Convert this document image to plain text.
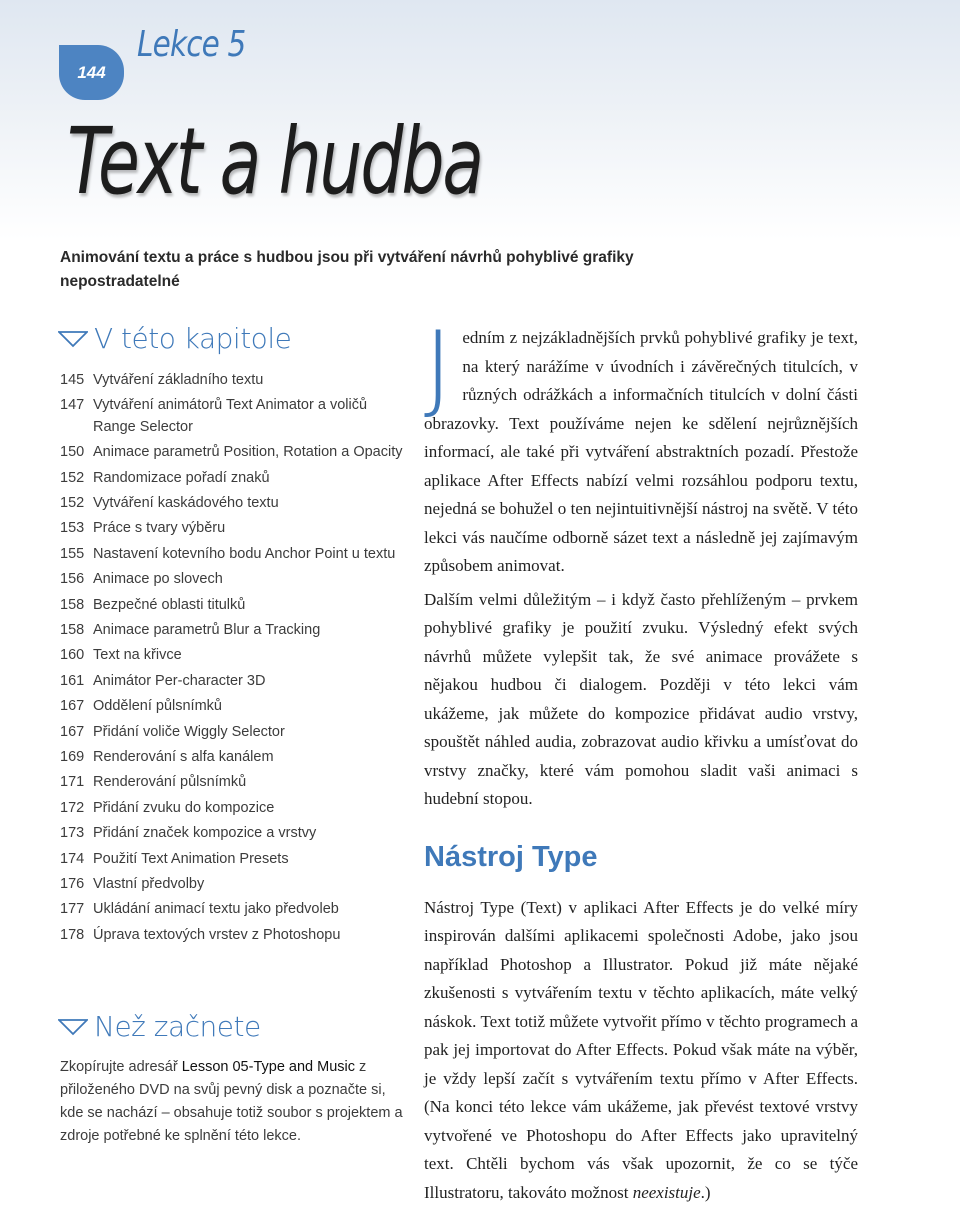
144
Lekce 5
Text a hudba
Animování textu a práce s hudbou jsou při vytváření návrhů pohyblivé grafiky nepostradatelné
V této kapitole
145 Vytváření základního textu
147 Vytváření animátorů Text Animator a voličů Range Selector
150 Animace parametrů Position, Rotation a Opacity
152 Randomizace pořadí znaků
152 Vytváření kaskádového textu
153 Práce s tvary výběru
155 Nastavení kotevního bodu Anchor Point u textu
156 Animace po slovech
158 Bezpečné oblasti titulků
158 Animace parametrů Blur a Tracking
160 Text na křivce
161 Animátor Per-character 3D
167 Oddělení půlsnímků
167 Přidání voliče Wiggly Selector
169 Renderování s alfa kanálem
171 Renderování půlsnímků
172 Přidání zvuku do kompozice
173 Přidání značek kompozice a vrstvy
174 Použití Text Animation Presets
176 Vlastní předvolby
177 Ukládání animací textu jako předvoleb
178 Úprava textových vrstev z Photoshopu
Než začnete
Zkopírujte adresář Lesson 05-Type and Music z přiloženého DVD na svůj pevný disk a poznačte si, kde se nachází – obsahuje totiž soubor s projektem a zdroje potřebné ke splnění této lekce.

Jedním z nejzákladnějších prvků pohyblivé grafiky je text, na který narážíme v úvodních i závěrečných titulcích, v různých odrážkách a informačních titulcích v dolní části obrazovky. Text používáme nejen ke sdělení nejrůznějších informací, ale také při vytváření abstraktních pozadí. Přestože aplikace After Effects nabízí velmi rozsáhlou podporu textu, nejedná se bohužel o ten nejintuitivnější nástroj na světě. V této lekci vás naučíme odborně sázet text a následně jej zajímavým způsobem animovat.

Dalším velmi důležitým – i když často přehlíženým – prvkem pohyblivé grafiky je použití zvuku. Výsledný efekt svých návrhů můžete vylepšit tak, že své animace provážete s nějakou hudbou či dialogem. Později v této lekci vám ukážeme, jak můžete do kompozice přidávat audio vrstvy, spouštět náhled audia, zobrazovat audio křivku a umísťovat do vrstvy značky, které vám pomohou sladit vaši animaci s hudební stopou.

Nástroj Type

Nástroj Type (Text) v aplikaci After Effects je do velké míry inspirován dalšími aplikacemi společnosti Adobe, jako jsou například Photoshop a Illustrator. Pokud již máte nějaké zkušenosti s vytvářením textu v těchto aplikacích, máte velký náskok. Text totiž můžete vytvořit přímo v těchto programech a pak jej importovat do After Effects. Pokud však máte na výběr, je vždy lepší začít s vytvářením textu přímo v After Effects. (Na konci této lekce vám ukážeme, jak převést textové vrstvy vytvořené ve Photoshopu do After Effects jako upravitelný text. Chtěli bychom vás však upozornit, že co se týče Illustratoru, takováto možnost neexistuje.)
